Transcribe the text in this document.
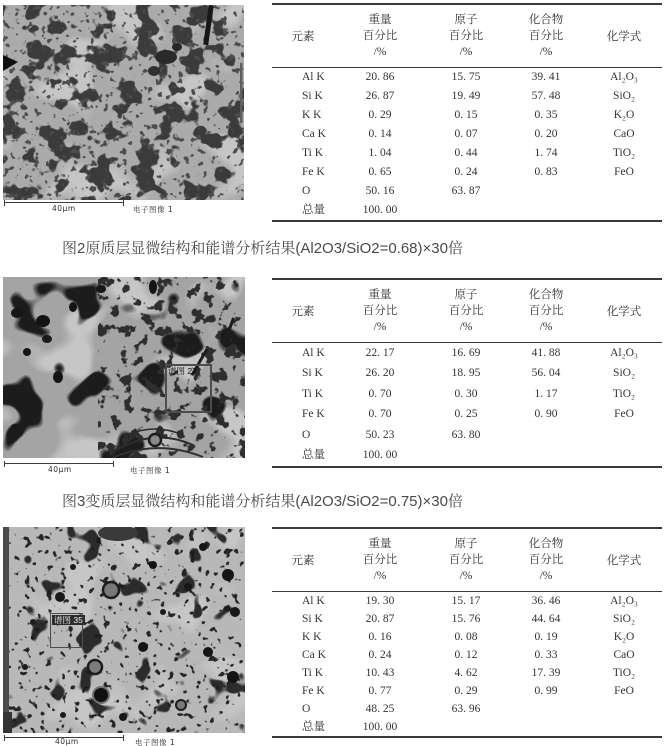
40μm	电子图像 1
元素	重量
百分比
/%	原子
百分比
/%	化合物
百分比
/%	化学式
Al K	20. 86	15. 75	39. 41	Al₂O₃
Si K	26. 87	19. 49	57. 48	SiO₂
K K	0. 29	0. 15	0. 35	K₂O
Ca K	0. 14	0. 07	0. 20	CaO
Ti K	1. 04	0. 44	1. 74	TiO₂
Fe K	0. 65	0. 24	0. 83	FeO
O	50. 16	63. 87		
总量	100. 00			
图2原质层显微结构和能谱分析结果(Al2O3/SiO2=0.68)×30倍
谱图 27
40μm	电子图像 1
元素	重量
百分比
/%	原子
百分比
/%	化合物
百分比
/%	化学式
Al K	22. 17	16. 69	41. 88	Al₂O₃
Si K	26. 20	18. 95	56. 04	SiO₂
Ti K	0. 70	0. 30	1. 17	TiO₂
Fe K	0. 70	0. 25	0. 90	FeO
O	50. 23	63. 80		
总量	100. 00			
图3变质层显微结构和能谱分析结果(Al2O3/SiO2=0.75)×30倍
谱图 35
40μm	电子图像 1
元素	重量
百分比
/%	原子
百分比
/%	化合物
百分比
/%	化学式
Al K	19. 30	15. 17	36. 46	Al₂O₃
Si K	20. 87	15. 76	44. 64	SiO₂
K K	0. 16	0. 08	0. 19	K₂O
Ca K	0. 24	0. 12	0. 33	CaO
Ti K	10. 43	4. 62	17. 39	TiO₂
Fe K	0. 77	0. 29	0. 99	FeO
O	48. 25	63. 96		
总量	100. 00			
